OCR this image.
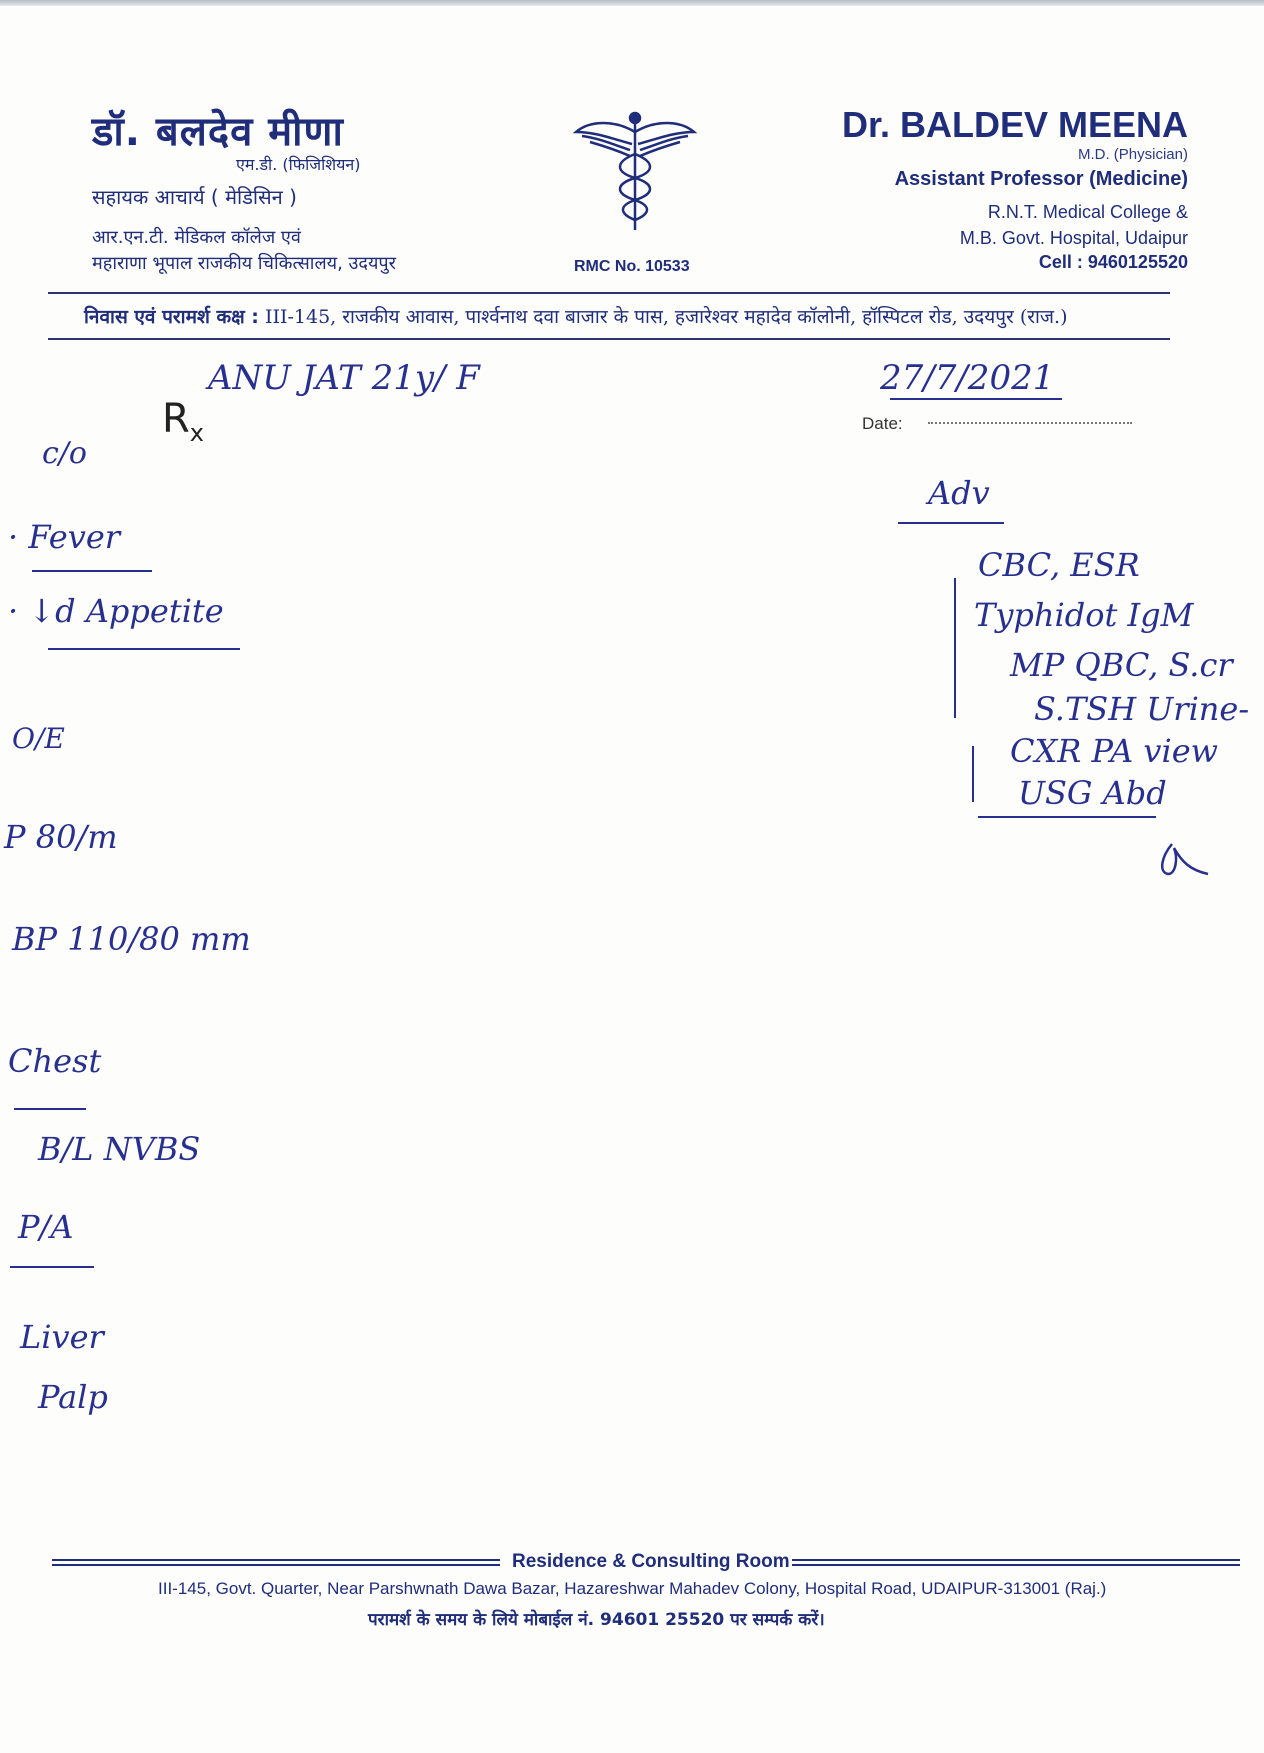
डॉ. बलदेव मीणा
एम.डी. (फिजिशियन)
सहायक आचार्य ( मेडिसिन )
आर.एन.टी. मेडिकल कॉलेज एवं
महाराणा भूपाल राजकीय चिकित्सालय, उदयपुर	RMC No. 10533
Dr. BALDEV MEENA
M.D. (Physician)
Assistant Professor (Medicine)
R.N.T. Medical College &
M.B. Govt. Hospital, Udaipur
Cell : 9460125520
निवास एवं परामर्श कक्ष : III-145, राजकीय आवास, पार्श्वनाथ दवा बाजार के पास, हजारेश्वर महादेव कॉलोनी, हॉस्पिटल रोड, उदयपुर (राज.)
$R_x$	Date:
ANU JAT 21y/ F	27/7/2021
c/o
· Fever
· ↓d Appetite
O/E
P 80/m
BP 110/80 mm
Chest
B/L NVBS
P/A
Liver
Palp
Adv
CBC, ESR
Typhidot IgM
MP QBC, S.cr
S.TSH Urine-
CXR PA view
USG Abd
Residence & Consulting Room
III-145, Govt. Quarter, Near Parshwnath Dawa Bazar, Hazareshwar Mahadev Colony, Hospital Road, UDAIPUR-313001 (Raj.)
परामर्श के समय के लिये मोबाईल नं. 94601 25520 पर सम्पर्क करें।
